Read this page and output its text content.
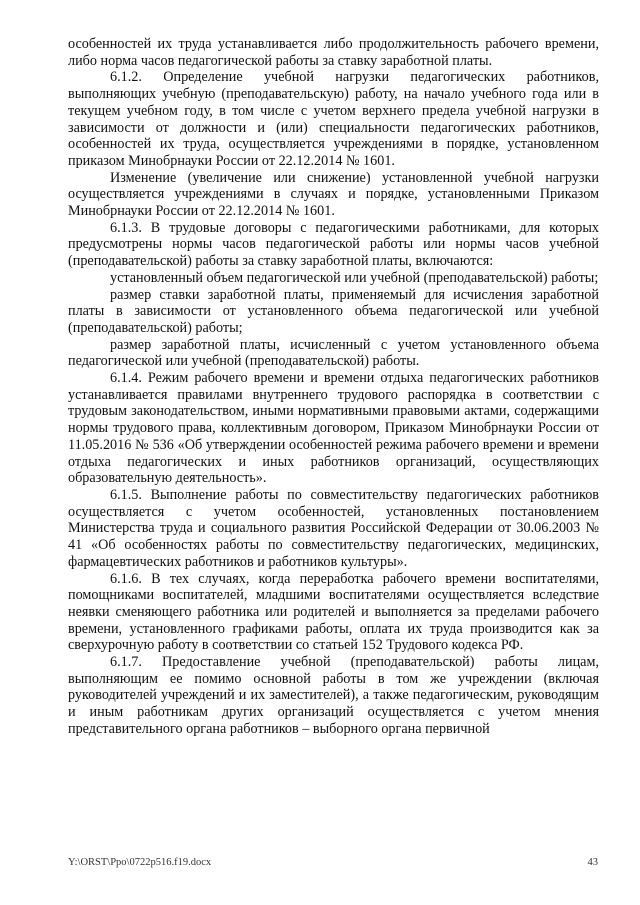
особенностей их труда устанавливается либо продолжительность рабочего времени, либо норма часов педагогической работы за ставку заработной платы.

6.1.2. Определение учебной нагрузки педагогических работников, выполняющих учебную (преподавательскую) работу, на начало учебного года или в текущем учебном году, в том числе с учетом верхнего предела учебной нагрузки в зависимости от должности и (или) специальности педагогических работников, особенностей их труда, осуществляется учреждениями в порядке, установленном приказом Минобрнауки России от 22.12.2014 № 1601.

Изменение (увеличение или снижение) установленной учебной нагрузки осуществляется учреждениями в случаях и порядке, установленными Приказом Минобрнауки России от 22.12.2014 № 1601.

6.1.3. В трудовые договоры с педагогическими работниками, для которых предусмотрены нормы часов педагогической работы или нормы часов учебной (преподавательской) работы за ставку заработной платы, включаются:

установленный объем педагогической или учебной (преподавательской) работы;

размер ставки заработной платы, применяемый для исчисления заработной платы в зависимости от установленного объема педагогической или учебной (преподавательской) работы;

размер заработной платы, исчисленный с учетом установленного объема педагогической или учебной (преподавательской) работы.

6.1.4. Режим рабочего времени и времени отдыха педагогических работников устанавливается правилами внутреннего трудового распорядка в соответствии с трудовым законодательством, иными нормативными правовыми актами, содержащими нормы трудового права, коллективным договором, Приказом Минобрнауки России от 11.05.2016 № 536 «Об утверждении особенностей режима рабочего времени и времени отдыха педагогических и иных работников организаций, осуществляющих образовательную деятельность».

6.1.5. Выполнение работы по совместительству педагогических работников осуществляется с учетом особенностей, установленных постановлением Министерства труда и социального развития Российской Федерации от 30.06.2003 № 41 «Об особенностях работы по совместительству педагогических, медицинских, фармацевтических работников и работников культуры».

6.1.6. В тех случаях, когда переработка рабочего времени воспитателями, помощниками воспитателей, младшими воспитателями осуществляется вследствие неявки сменяющего работника или родителей и выполняется за пределами рабочего времени, установленного графиками работы, оплата их труда производится как за сверхурочную работу в соответствии со статьей 152 Трудового кодекса РФ.

6.1.7. Предоставление учебной (преподавательской) работы лицам, выполняющим ее помимо основной работы в том же учреждении (включая руководителей учреждений и их заместителей), а также педагогическим, руководящим и иным работникам других организаций осуществляется с учетом мнения представительного органа работников – выборного органа первичной

Y:\ORST\Ppo\0722p516.f19.docx	43
